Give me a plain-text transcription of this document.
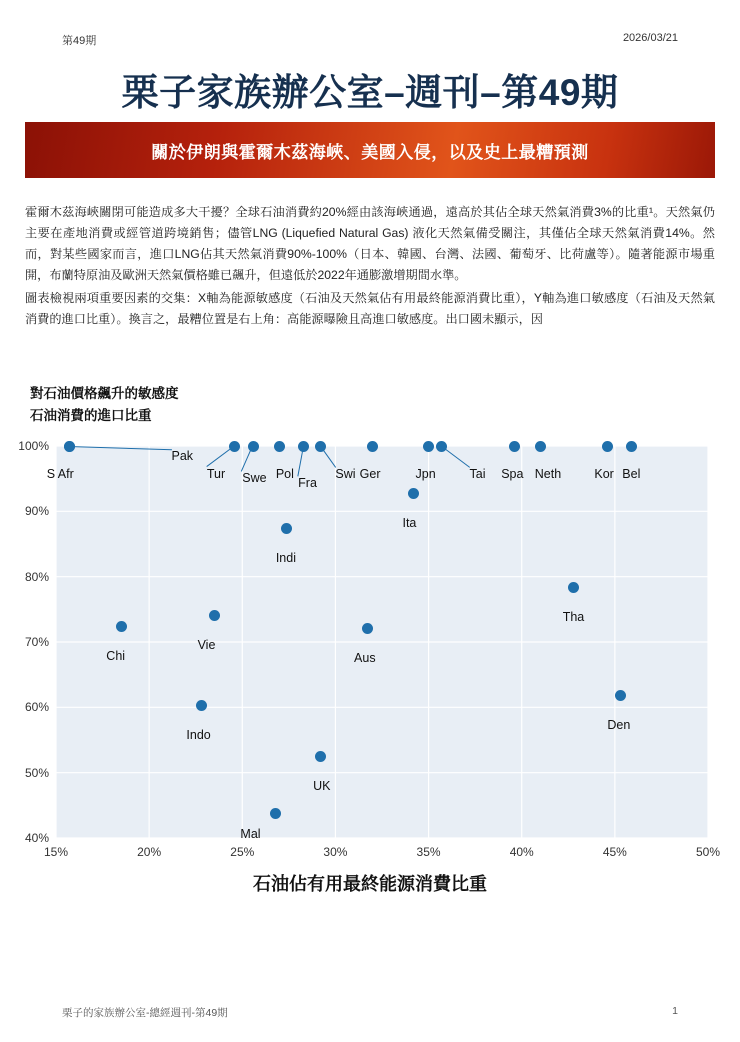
第49期	2026/03/21
栗子家族辦公室–週刊–第49期
關於伊朗與霍爾木茲海峽、美國入侵，以及史上最糟預測

霍爾木茲海峽關閉可能造成多大干擾？全球石油消費約20%經由該海峽通過，遠高於其佔全球天然氣消費3%的比重¹。天然氣仍主要在產地消費或經管道跨境銷售；儘管LNG (Liquefied Natural Gas) 液化天然氣備受關注，其僅佔全球天然氣消費14%。然而，對某些國家而言，進口LNG佔其天然氣消費90%-100%（日本、韓國、台灣、法國、葡萄牙、比荷盧等）。隨著能源市場重開，布蘭特原油及歐洲天然氣價格雖已飆升，但遠低於2022年通膨激增期間水準。

圖表檢視兩項重要因素的交集：X軸為能源敏感度（石油及天然氣佔有用最終能源消費比重），Y軸為進口敏感度（石油及天然氣消費的進口比重）。換言之，最糟位置是右上角：高能源曝險且高進口敏感度。出口國未顯示，因

對石油價格飆升的敏感度
石油消費的進口比重
40%
50%
60%
70%
80%
90%
100%
15%	20%	25%	30%	35%	40%	45%	50%
Pak
S Afr	Tur Swe Pol
Fra
Swi Ger	Jpn	Tai Spa Neth	Kor Bel
Ita
Indi
Tha
Vie
Chi	Aus
Den
Indo
UK
Mal
石油佔有用最終能源消費比重
栗子的家族辦公室-總經週刊-第49期	1
